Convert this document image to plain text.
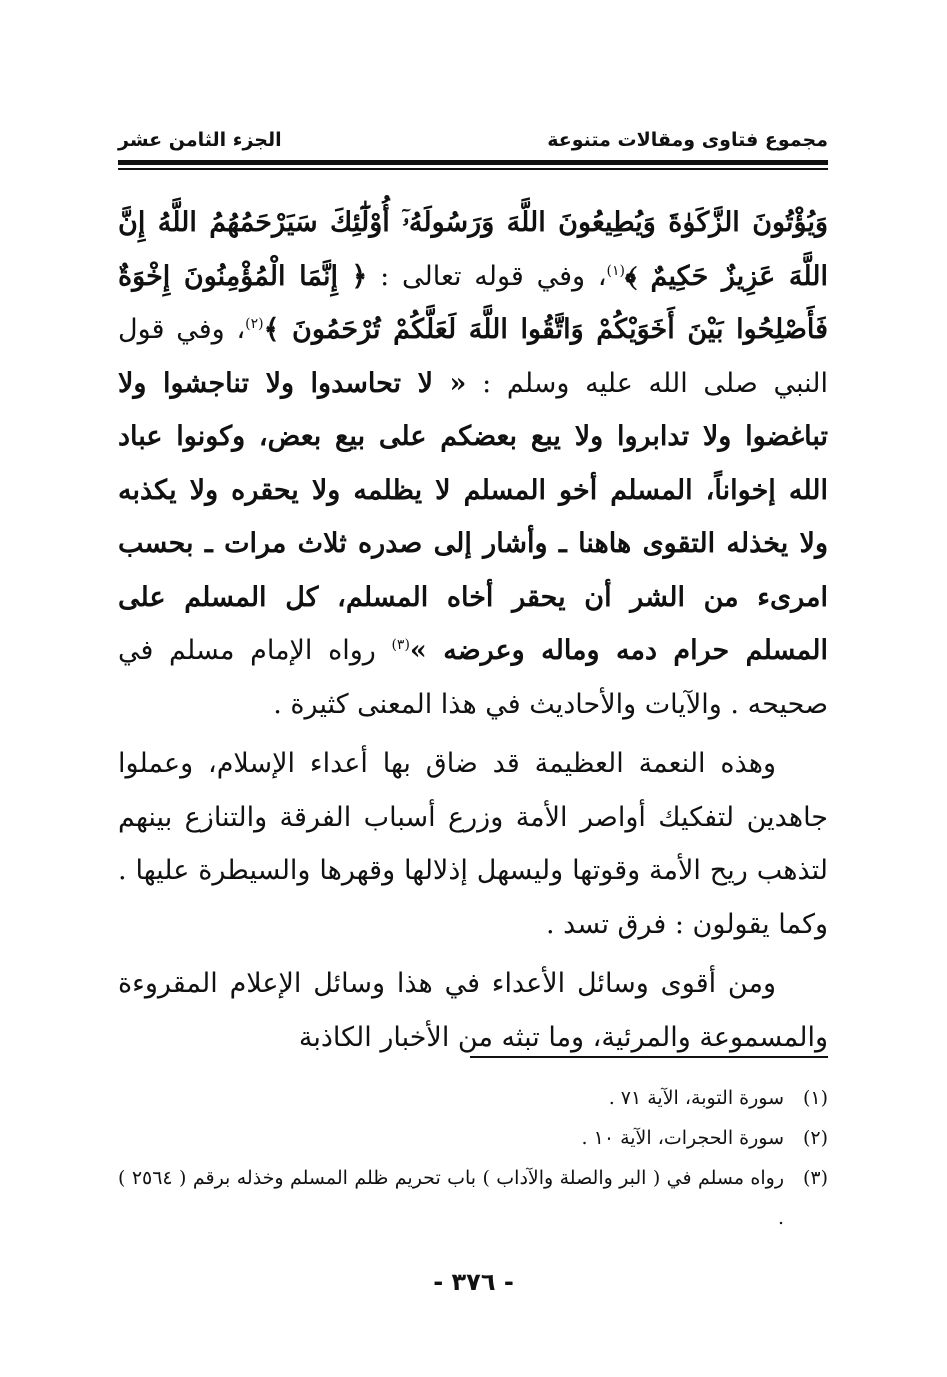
مجموع فتاوى ومقالات متنوعة
الجزء الثامن عشر

وَيُؤْتُونَ الزَّكَوٰةَ وَيُطِيعُونَ اللَّهَ وَرَسُولَهُۥٓ أُوْلَٰٓئِكَ سَيَرْحَمُهُمُ اللَّهُ إِنَّ اللَّهَ عَزِيزٌ حَكِيمٌ ﴾$^{(١)}$، وفي قوله تعالى : ﴿ إِنَّمَا الْمُؤْمِنُونَ إِخْوَةٌ فَأَصْلِحُوا بَيْنَ أَخَوَيْكُمْ وَاتَّقُوا اللَّهَ لَعَلَّكُمْ تُرْحَمُونَ ﴾$^{(٢)}$، وفي قول النبي صلى الله عليه وسلم : « لا تحاسدوا ولا تناجشوا ولا تباغضوا ولا تدابروا ولا يبع بعضكم على بيع بعض، وكونوا عباد الله إخواناً، المسلم أخو المسلم لا يظلمه ولا يحقره ولا يكذبه ولا يخذله التقوى هاهنا ـ وأشار إلى صدره ثلاث مرات ـ بحسب امرىء من الشر أن يحقر أخاه المسلم، كل المسلم على المسلم حرام دمه وماله وعرضه »$^{(٣)}$ رواه الإمام مسلم في صحيحه . والآيات والأحاديث في هذا المعنى كثيرة .

وهذه النعمة العظيمة قد ضاق بها أعداء الإسلام، وعملوا جاهدين لتفكيك أواصر الأمة وزرع أسباب الفرقة والتنازع بينهم لتذهب ريح الأمة وقوتها وليسهل إذلالها وقهرها والسيطرة عليها . وكما يقولون : فرق تسد .

ومن أقوى وسائل الأعداء في هذا وسائل الإعلام المقروءة والمسموعة والمرئية، وما تبثه من الأخبار الكاذبة

(١)
سورة التوبة، الآية ٧١ .
(٢)
سورة الحجرات، الآية ١٠ .
(٣)
رواه مسلم في ( البر والصلة والآداب ) باب تحريم ظلم المسلم وخذله برقم ( ٢٥٦٤ ) .
- ٣٧٦ -
